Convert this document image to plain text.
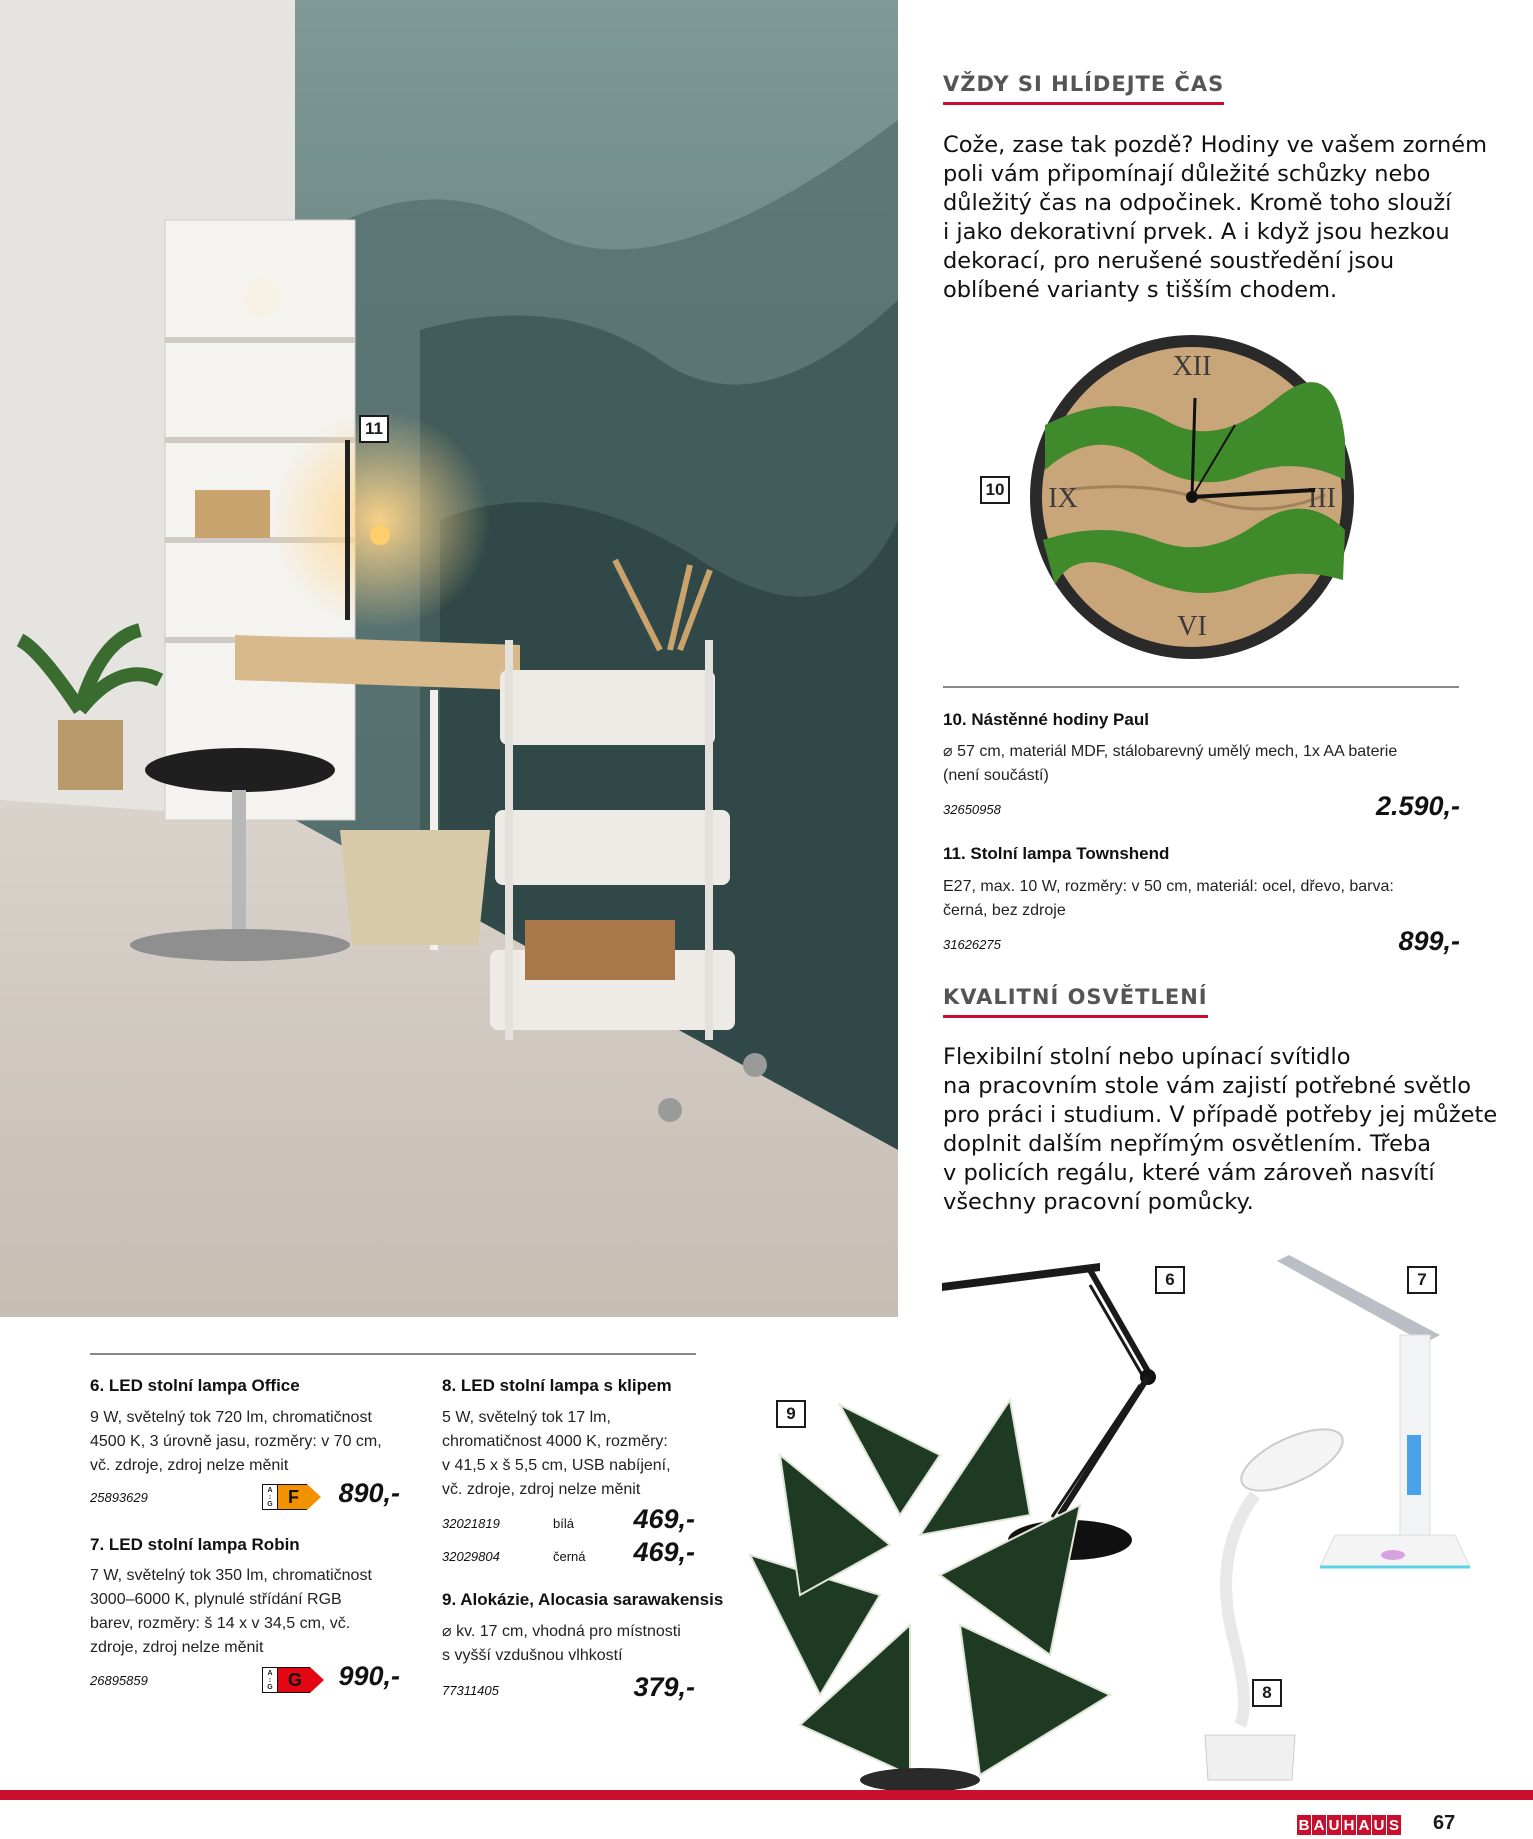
11
VŽDY SI HLÍDEJTE ČAS
Cože, zase tak pozdě? Hodiny ve vašem zorném
poli vám připomínají důležité schůzky nebo
důležitý čas na odpočinek. Kromě toho slouží
i jako dekorativní prvek. A i když jsou hezkou
dekorací, pro nerušené soustředění jsou
oblíbené varianty s tišším chodem.
XII
IX	III
VI
10
10. Nástěnné hodiny Paul
⌀ 57 cm, materiál MDF, stálobarevný umělý mech, 1x AA baterie
(není součástí)
32650958	2.590,-
11. Stolní lampa Townshend
E27, max. 10 W, rozměry: v 50 cm, materiál: ocel, dřevo, barva:
černá, bez zdroje
31626275	899,-
KVALITNÍ OSVĚTLENÍ
Flexibilní stolní nebo upínací svítidlo
na pracovním stole vám zajistí potřebné světlo
pro práci i studium. V případě potřeby jej můžete
doplnit dalším nepřímým osvětlením. Třeba
v policích regálu, které vám zároveň nasvítí
všechny pracovní pomůcky.
6	7
8
9
6. LED stolní lampa Office
9 W, světelný tok 720 lm, chromatičnost
4500 K, 3 úrovně jasu, rozměry: v 70 cm,
vč. zdroje, zdroj nelze měnit
25893629	A
↕
G F	890,-
7. LED stolní lampa Robin
7 W, světelný tok 350 lm, chromatičnost
3000–6000 K, plynulé střídání RGB
barev, rozměry: š 14 x v 34,5 cm, vč.
zdroje, zdroj nelze měnit
26895859	A
↕
G G	990,-
8. LED stolní lampa s klipem
5 W, světelný tok 17 lm,
chromatičnost 4000 K, rozměry:
v 41,5 x š 5,5 cm, USB nabíjení,
vč. zdroje, zdroj nelze měnit
32021819	bílá	469,-
32029804	černá	469,-
9. Alokázie, Alocasia sarawakensis
⌀ kv. 17 cm, vhodná pro místnosti
s vyšší vzdušnou vlhkostí
77311405	379,-
B A U H A U S 67
